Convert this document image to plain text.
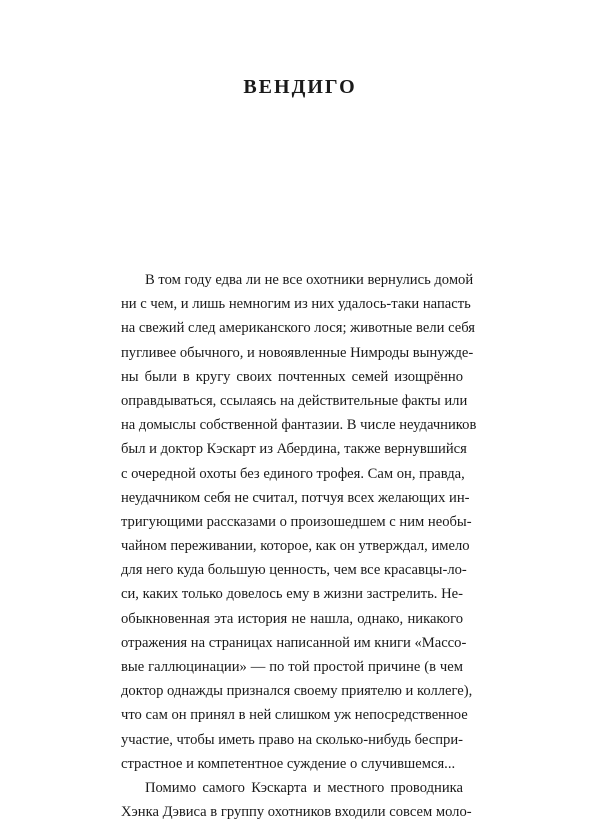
ВЕНДИГО
В том году едва ли не все охотники вернулись домой
ни с чем, и лишь немногим из них удалось-таки напасть
на свежий след американского лося; животные вели себя
пугливее обычного, и новоявленные Нимроды вынужде-
ны были в кругу своих почтенных семей изощрённо
оправдываться, ссылаясь на действительные факты или
на домыслы собственной фантазии. В числе неудачников
был и доктор Кэскарт из Абердина, также вернувшийся
с очередной охоты без единого трофея. Сам он, правда,
неудачником себя не считал, потчуя всех желающих ин-
тригующими рассказами о произошедшем с ним необы-
чайном переживании, которое, как он утверждал, имело
для него куда большую ценность, чем все красавцы-ло-
си, каких только довелось ему в жизни застрелить. Не-
обыкновенная эта история не нашла, однако, никакого
отражения на страницах написанной им книги «Массо-
вые галлюцинации» — по той простой причине (в чем
доктор однажды признался своему приятелю и коллеге),
что сам он принял в ней слишком уж непосредственное
участие, чтобы иметь право на сколько-нибудь беспри-
страстное и компетентное суждение о случившемся...
Помимо самого Кэскарта и местного проводника
Хэнка Дэвиса в группу охотников входили совсем моло-
